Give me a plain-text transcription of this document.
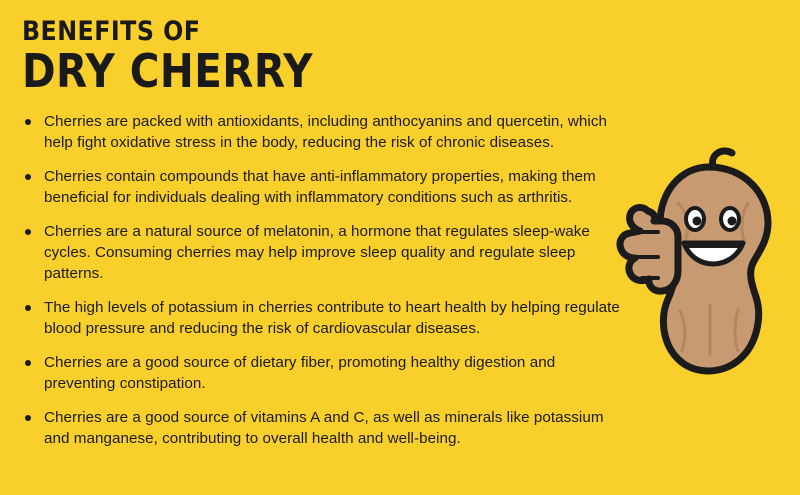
BENEFITS OF
DRY CHERRY
Cherries are packed with antioxidants, including anthocyanins and quercetin, which help fight oxidative stress in the body, reducing the risk of chronic diseases.
Cherries contain compounds that have anti-inflammatory properties, making them beneficial for individuals dealing with inflammatory conditions such as arthritis.
Cherries are a natural source of melatonin, a hormone that regulates sleep-wake cycles. Consuming cherries may help improve sleep quality and regulate sleep patterns.
The high levels of potassium in cherries contribute to heart health by helping regulate blood pressure and reducing the risk of cardiovascular diseases.
Cherries are a good source of dietary fiber, promoting healthy digestion and preventing constipation.
Cherries are a good source of vitamins A and C, as well as minerals like potassium and manganese, contributing to overall health and well-being.
